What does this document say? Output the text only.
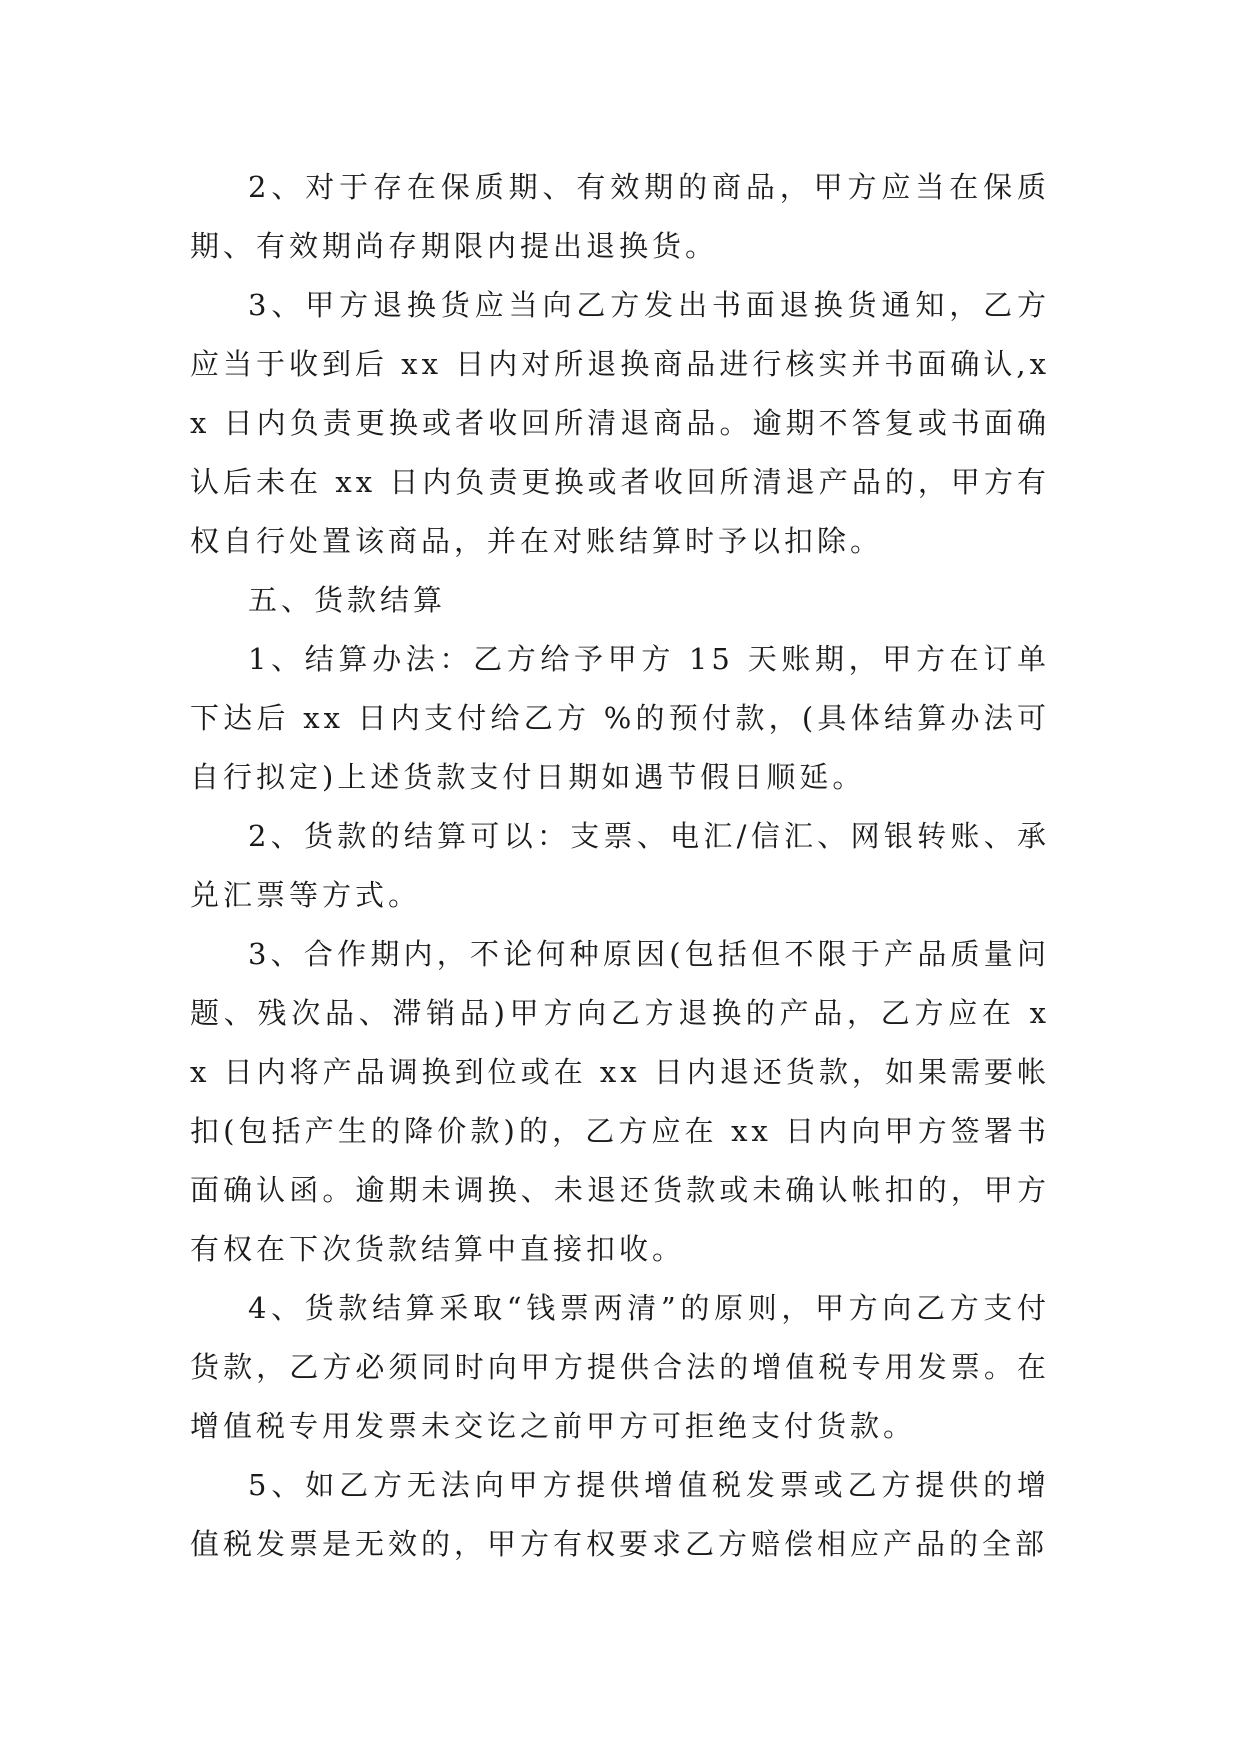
2、对于存在保质期、有效期的商品，甲方应当在保质期、有效期尚存期限内提出退换货。

3、甲方退换货应当向乙方发出书面退换货通知，乙方应当于收到后 xx 日内对所退换商品进行核实并书面确认,xx 日内负责更换或者收回所清退商品。逾期不答复或书面确认后未在 xx 日内负责更换或者收回所清退产品的，甲方有权自行处置该商品，并在对账结算时予以扣除。

五、货款结算

1、结算办法：乙方给予甲方 15 天账期，甲方在订单下达后 xx 日内支付给乙方 %的预付款，(具体结算办法可自行拟定)上述货款支付日期如遇节假日顺延。

2、货款的结算可以：支票、电汇/信汇、网银转账、承兑汇票等方式。

3、合作期内，不论何种原因(包括但不限于产品质量问题、残次品、滞销品)甲方向乙方退换的产品，乙方应在 xx 日内将产品调换到位或在 xx 日内退还货款，如果需要帐扣(包括产生的降价款)的，乙方应在 xx 日内向甲方签署书面确认函。逾期未调换、未退还货款或未确认帐扣的，甲方有权在下次货款结算中直接扣收。

4、货款结算采取“钱票两清”的原则，甲方向乙方支付货款，乙方必须同时向甲方提供合法的增值税专用发票。在增值税专用发票未交讫之前甲方可拒绝支付货款。

5、如乙方无法向甲方提供增值税发票或乙方提供的增值税发票是无效的，甲方有权要求乙方赔偿相应产品的全部
